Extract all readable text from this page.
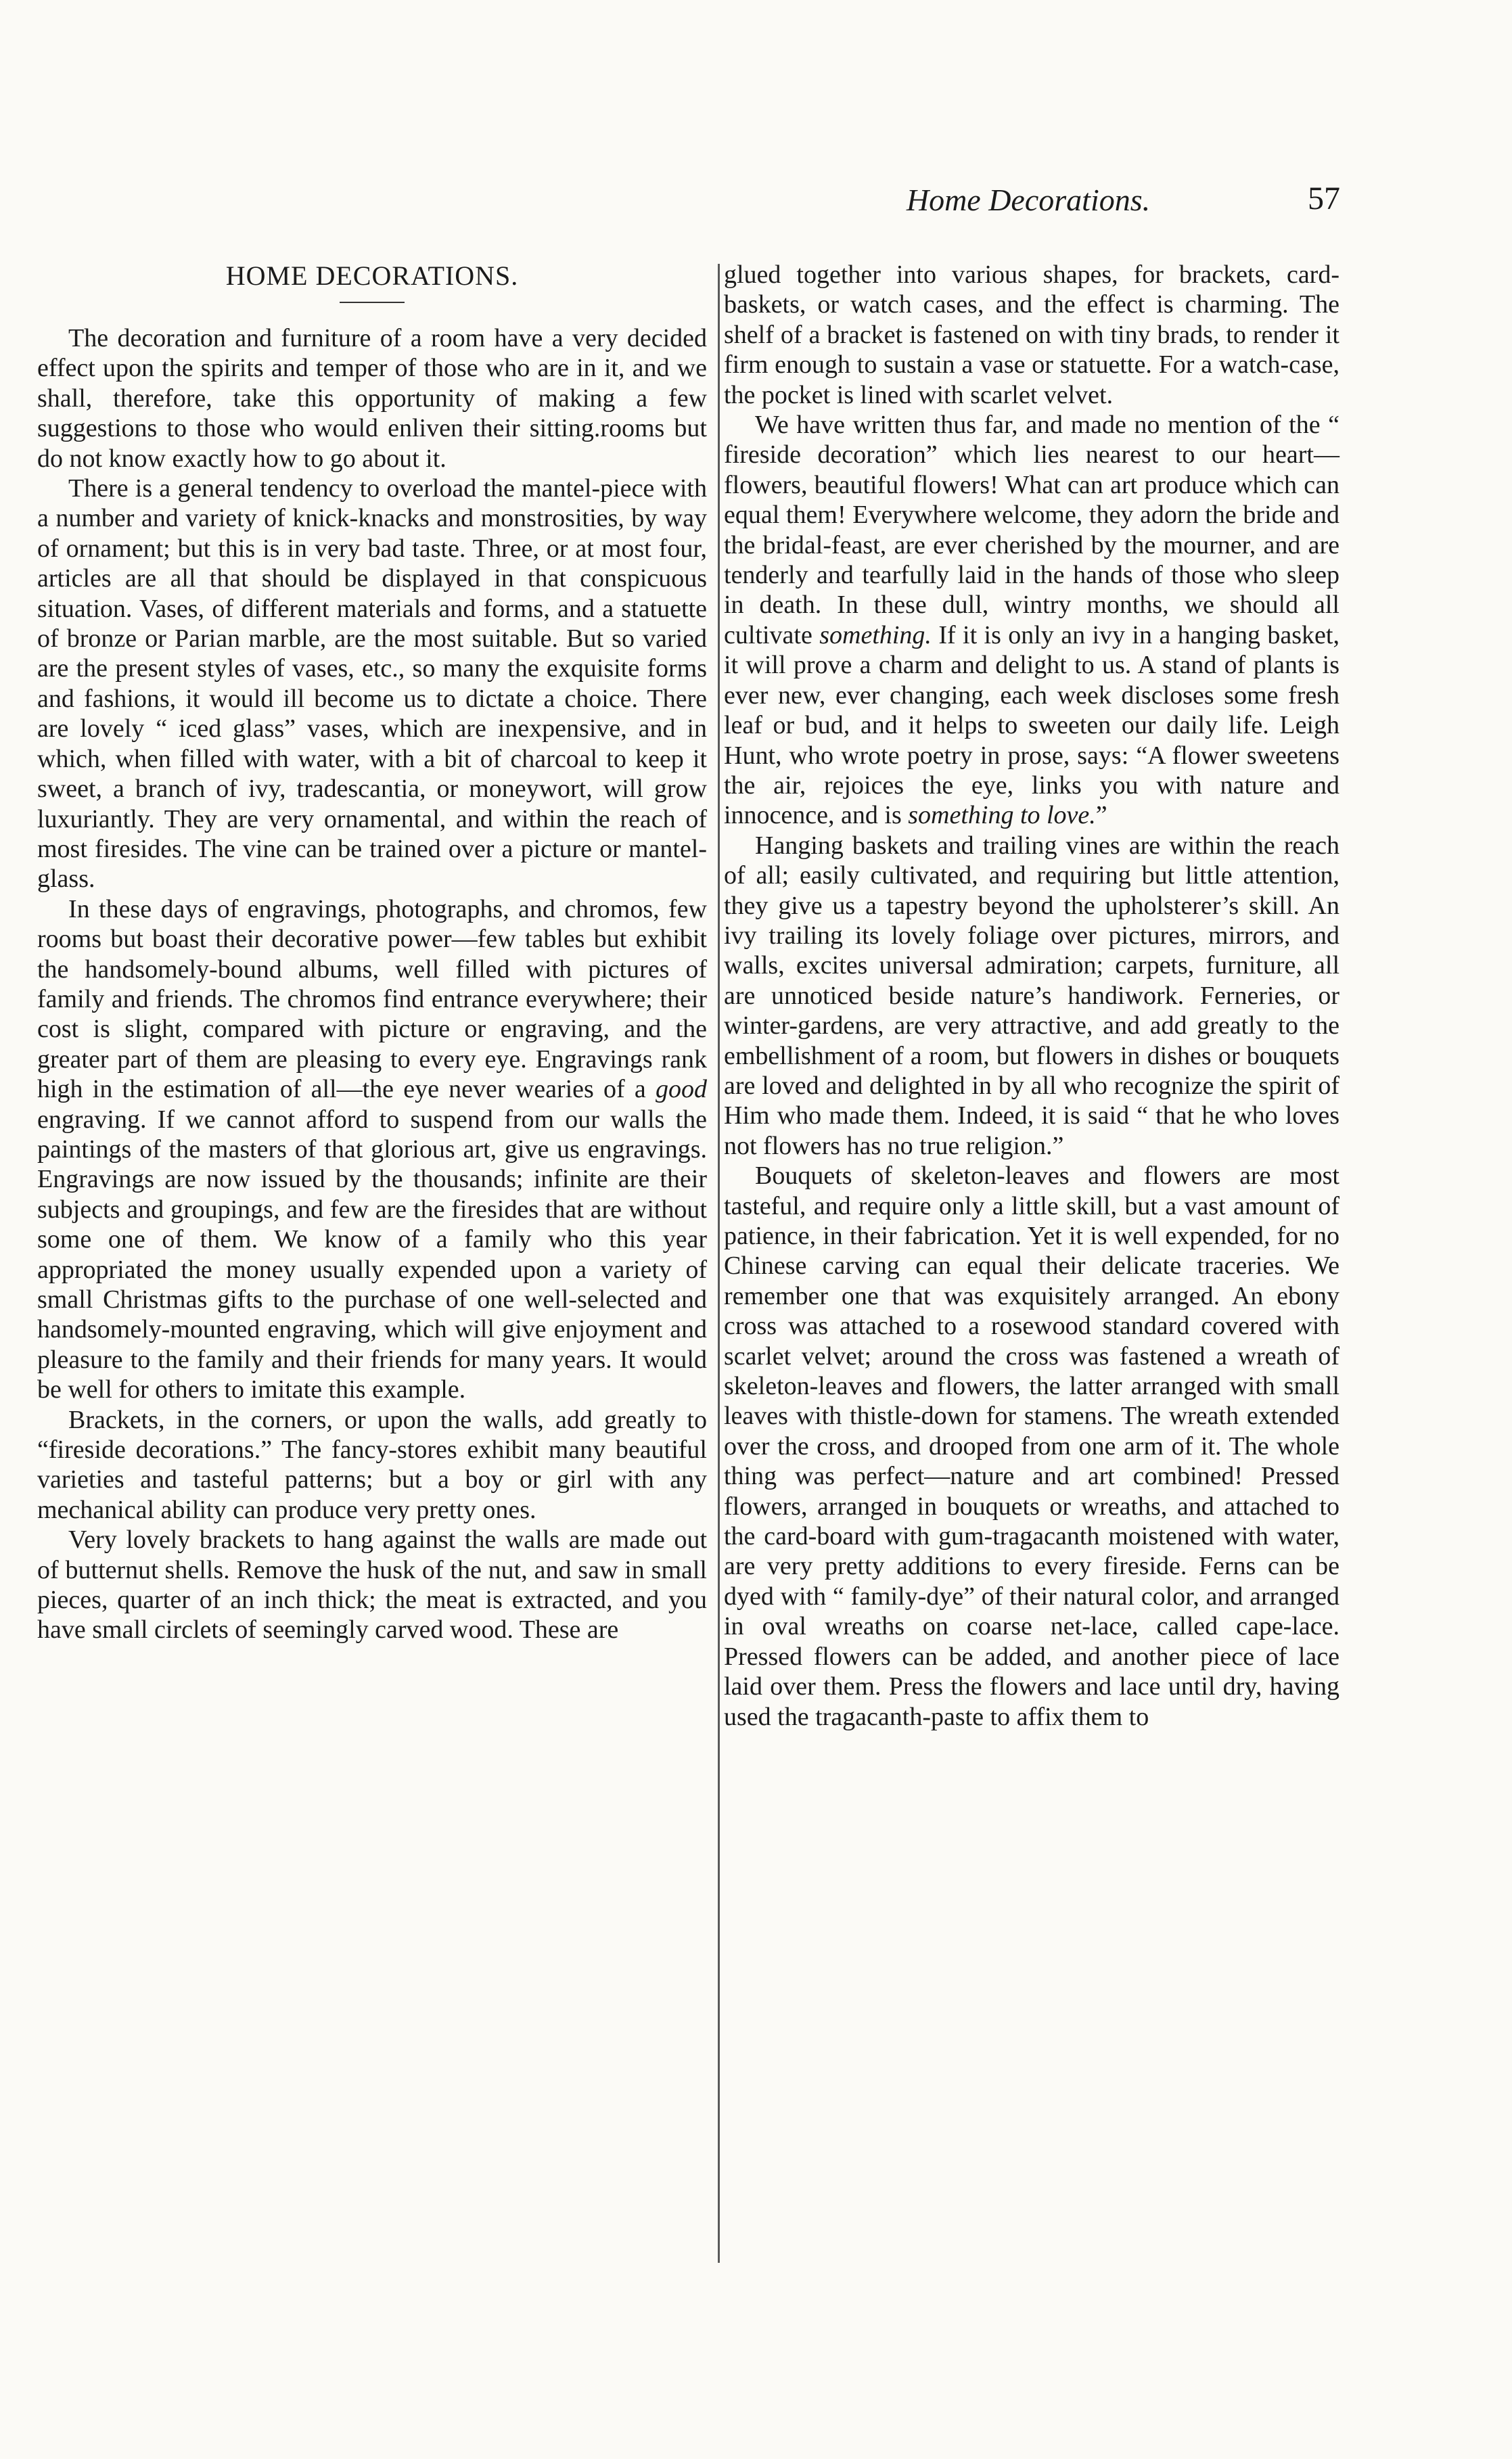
Home Decorations.	57
HOME DECORATIONS.

The decoration and furniture of a room have a very decided effect upon the spirits and temper of those who are in it, and we shall, therefore, take this opportunity of making a few suggestions to those who would enliven their sitting.rooms but do not know exactly how to go about it.

There is a general tendency to overload the mantel-piece with a number and variety of knick-knacks and monstrosities, by way of ornament; but this is in very bad taste. Three, or at most four, articles are all that should be displayed in that conspicuous situation. Vases, of different materials and forms, and a statuette of bronze or Parian marble, are the most suitable. But so varied are the present styles of vases, etc., so many the exquisite forms and fashions, it would ill become us to dictate a choice. There are lovely “ iced glass” vases, which are inexpensive, and in which, when filled with water, with a bit of charcoal to keep it sweet, a branch of ivy, tradescantia, or moneywort, will grow luxuriantly. They are very ornamental, and within the reach of most firesides. The vine can be trained over a picture or mantel-glass.

In these days of engravings, photographs, and chromos, few rooms but boast their decorative power—few tables but exhibit the handsomely-bound albums, well filled with pictures of family and friends. The chromos find entrance everywhere; their cost is slight, compared with picture or engraving, and the greater part of them are pleasing to every eye. Engravings rank high in the estimation of all—the eye never wearies of a good engraving. If we cannot afford to suspend from our walls the paintings of the masters of that glorious art, give us engravings. Engravings are now issued by the thousands; infinite are their subjects and groupings, and few are the firesides that are without some one of them. We know of a family who this year appropriated the money usually expended upon a variety of small Christmas gifts to the purchase of one well-selected and handsomely-mounted engraving, which will give enjoyment and pleasure to the family and their friends for many years. It would be well for others to imitate this example.

Brackets, in the corners, or upon the walls, add greatly to “fireside decorations.” The fancy-stores exhibit many beautiful varieties and tasteful patterns; but a boy or girl with any mechanical ability can produce very pretty ones.

Very lovely brackets to hang against the walls are made out of butternut shells. Remove the husk of the nut, and saw in small pieces, quarter of an inch thick; the meat is extracted, and you have small circlets of seemingly carved wood. These are

glued together into various shapes, for brackets, card-baskets, or watch cases, and the effect is charming. The shelf of a bracket is fastened on with tiny brads, to render it firm enough to sustain a vase or statuette. For a watch-case, the pocket is lined with scarlet velvet.

We have written thus far, and made no mention of the “ fireside decoration” which lies nearest to our heart—flowers, beautiful flowers! What can art produce which can equal them! Everywhere welcome, they adorn the bride and the bridal-feast, are ever cherished by the mourner, and are tenderly and tearfully laid in the hands of those who sleep in death. In these dull, wintry months, we should all cultivate something. If it is only an ivy in a hanging basket, it will prove a charm and delight to us. A stand of plants is ever new, ever changing, each week discloses some fresh leaf or bud, and it helps to sweeten our daily life. Leigh Hunt, who wrote poetry in prose, says: “A flower sweetens the air, rejoices the eye, links you with nature and innocence, and is something to love.”

Hanging baskets and trailing vines are within the reach of all; easily cultivated, and requiring but little attention, they give us a tapestry beyond the upholsterer’s skill. An ivy trailing its lovely foliage over pictures, mirrors, and walls, excites universal admiration; carpets, furniture, all are unnoticed beside nature’s handiwork. Ferneries, or winter-gardens, are very attractive, and add greatly to the embellishment of a room, but flowers in dishes or bouquets are loved and delighted in by all who recognize the spirit of Him who made them. Indeed, it is said “ that he who loves not flowers has no true religion.”

Bouquets of skeleton-leaves and flowers are most tasteful, and require only a little skill, but a vast amount of patience, in their fabrication. Yet it is well expended, for no Chinese carving can equal their delicate traceries. We remember one that was exquisitely arranged. An ebony cross was attached to a rosewood standard covered with scarlet velvet; around the cross was fastened a wreath of skeleton-leaves and flowers, the latter arranged with small leaves with thistle-down for stamens. The wreath extended over the cross, and drooped from one arm of it. The whole thing was perfect—nature and art combined! Pressed flowers, arranged in bouquets or wreaths, and attached to the card-board with gum-tragacanth moistened with water, are very pretty additions to every fireside. Ferns can be dyed with “ family-dye” of their natural color, and arranged in oval wreaths on coarse net-lace, called cape-lace. Pressed flowers can be added, and another piece of lace laid over them. Press the flowers and lace until dry, having used the tragacanth-paste to affix them to
